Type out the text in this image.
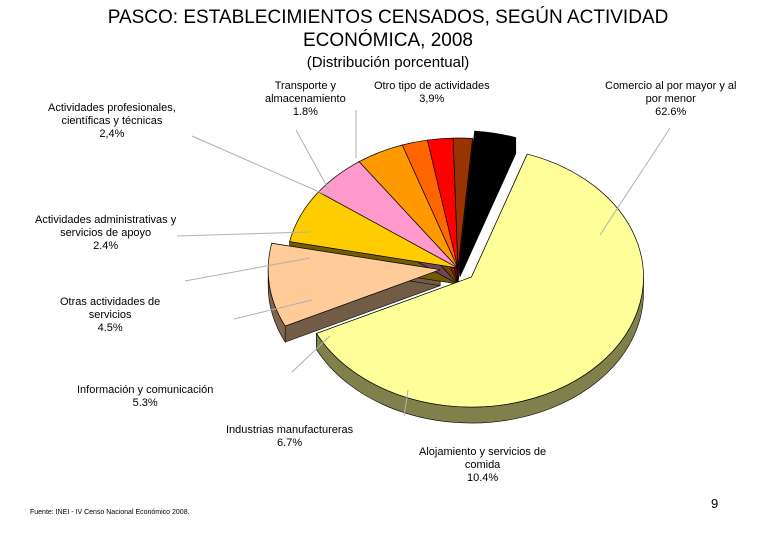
PASCO: ESTABLECIMIENTOS CENSADOS, SEGÚN ACTIVIDAD
ECONÓMICA, 2008
(Distribución porcentual)
Comercio al por mayor y al
por menor
62.6%
Alojamiento y servicios de
comida
10.4%
Industrias manufactureras
6.7%
Información y comunicación
5.3%
Otras actividades de
servicios
4.5%
Actividades administrativas y
servicios de apoyo
2.4%
Actividades profesionales,
científicas y técnicas
2,4%
Transporte y
almacenamiento
1.8%
Otro tipo de actividades
3,9%
Fuente: INEI - IV Censo Nacional Económico 2008.
9
